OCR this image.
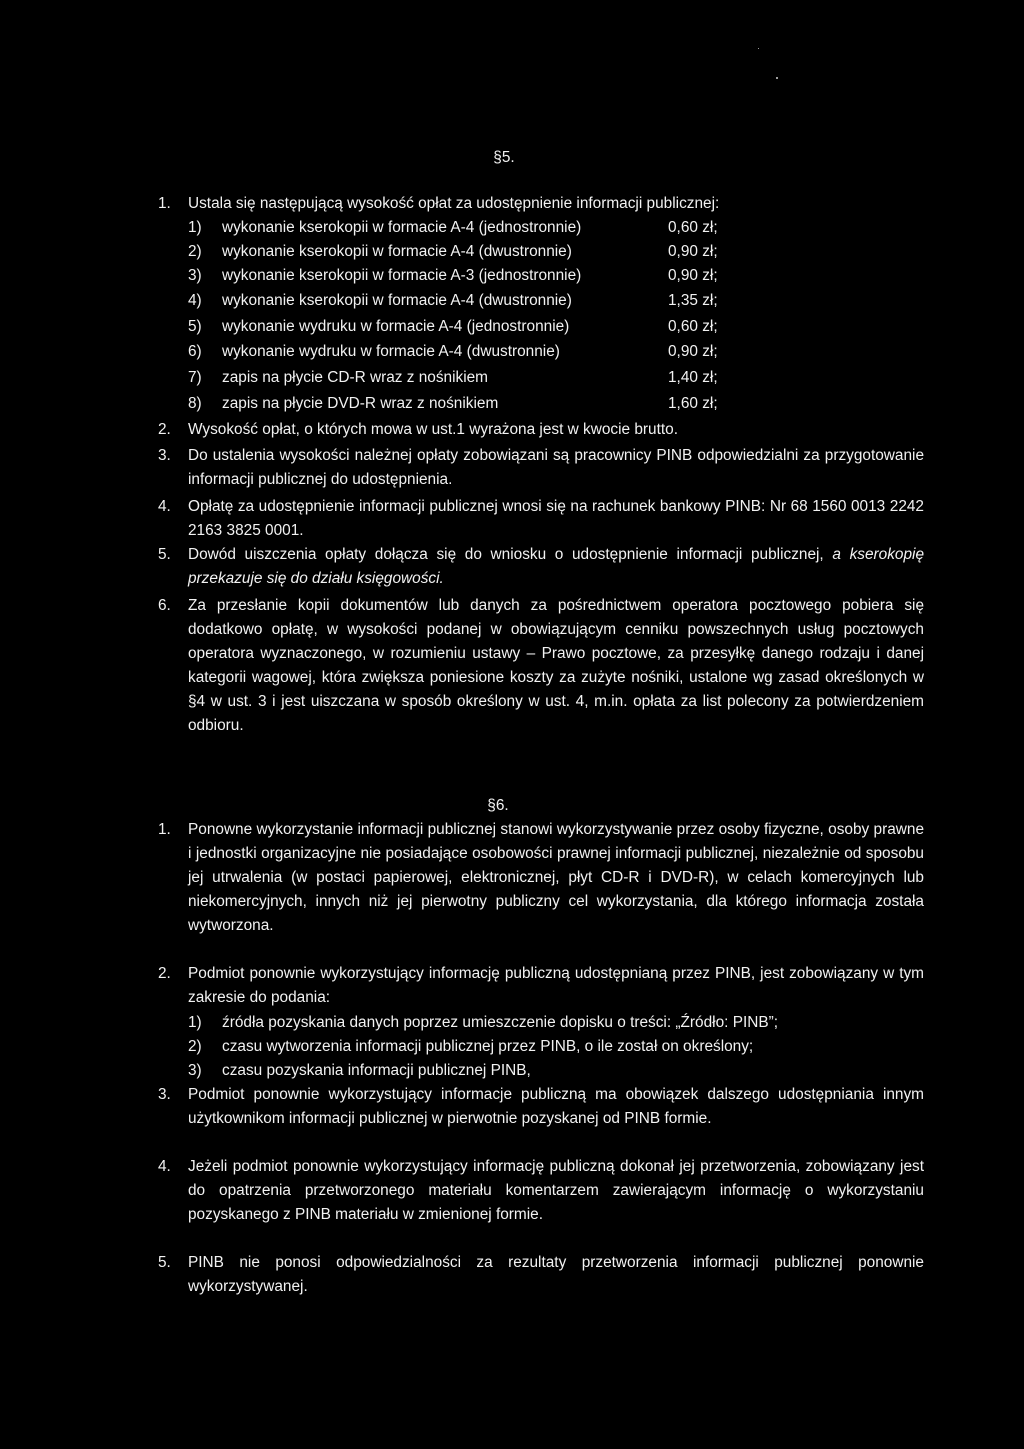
§5.
1.	Ustala się następującą wysokość opłat za udostępnienie informacji publicznej:
1)	wykonanie kserokopii w formacie A-4 (jednostronnie)	0,60 zł;
2)	wykonanie kserokopii w formacie A-4 (dwustronnie)	0,90 zł;
3)	wykonanie kserokopii w formacie A-3 (jednostronnie)	0,90 zł;
4)	wykonanie kserokopii w formacie A-4 (dwustronnie)	1,35 zł;
5)	wykonanie wydruku w formacie A-4 (jednostronnie)	0,60 zł;
6)	wykonanie wydruku w formacie A-4 (dwustronnie)	0,90 zł;
7)	zapis na płycie CD-R wraz z nośnikiem	1,40 zł;
8)	zapis na płycie DVD-R wraz z nośnikiem	1,60 zł;
2.	Wysokość opłat, o których mowa w ust.1 wyrażona jest w kwocie brutto.
3.	Do ustalenia wysokości należnej opłaty zobowiązani są pracownicy PINB odpowiedzialni za przygotowanie informacji publicznej do udostępnienia.
4.	Opłatę za udostępnienie informacji publicznej wnosi się na rachunek bankowy PINB: Nr 68 1560 0013 2242 2163 3825 0001.
5.	Dowód uiszczenia opłaty dołącza się do wniosku o udostępnienie informacji publicznej, a kserokopię przekazuje się do działu księgowości.
6.	Za przesłanie kopii dokumentów lub danych za pośrednictwem operatora pocztowego pobiera się dodatkowo opłatę, w wysokości podanej w obowiązującym cenniku powszechnych usług pocztowych operatora wyznaczonego, w rozumieniu ustawy – Prawo pocztowe, za przesyłkę danego rodzaju i danej kategorii wagowej, która zwiększa poniesione koszty za zużyte nośniki, ustalone wg zasad określonych w §4 w ust. 3 i jest uiszczana w sposób określony w ust. 4, m.in. opłata za list polecony za potwierdzeniem odbioru.
§6.
1.	Ponowne wykorzystanie informacji publicznej stanowi wykorzystywanie przez osoby fizyczne, osoby prawne i jednostki organizacyjne nie posiadające osobowości prawnej informacji publicznej, niezależnie od sposobu jej utrwalenia (w postaci papierowej, elektronicznej, płyt CD-R i DVD-R), w celach komercyjnych lub niekomercyjnych, innych niż jej pierwotny publiczny cel wykorzystania, dla którego informacja została wytworzona.
2.	Podmiot ponownie wykorzystujący informację publiczną udostępnianą przez PINB, jest zobowiązany w tym zakresie do podania:
1)	źródła pozyskania danych poprzez umieszczenie dopisku o treści: „Źródło: PINB”;
2)	czasu wytworzenia informacji publicznej przez PINB, o ile został on określony;
3)	czasu pozyskania informacji publicznej PINB,
3.	Podmiot ponownie wykorzystujący informacje publiczną ma obowiązek dalszego udostępniania innym użytkownikom informacji publicznej w pierwotnie pozyskanej od PINB formie.
4.	Jeżeli podmiot ponownie wykorzystujący informację publiczną dokonał jej przetworzenia, zobowiązany jest do opatrzenia przetworzonego materiału komentarzem zawierającym informację o wykorzystaniu pozyskanego z PINB materiału w zmienionej formie.
5.	PINB nie ponosi odpowiedzialności za rezultaty przetworzenia informacji publicznej ponownie wykorzystywanej.
